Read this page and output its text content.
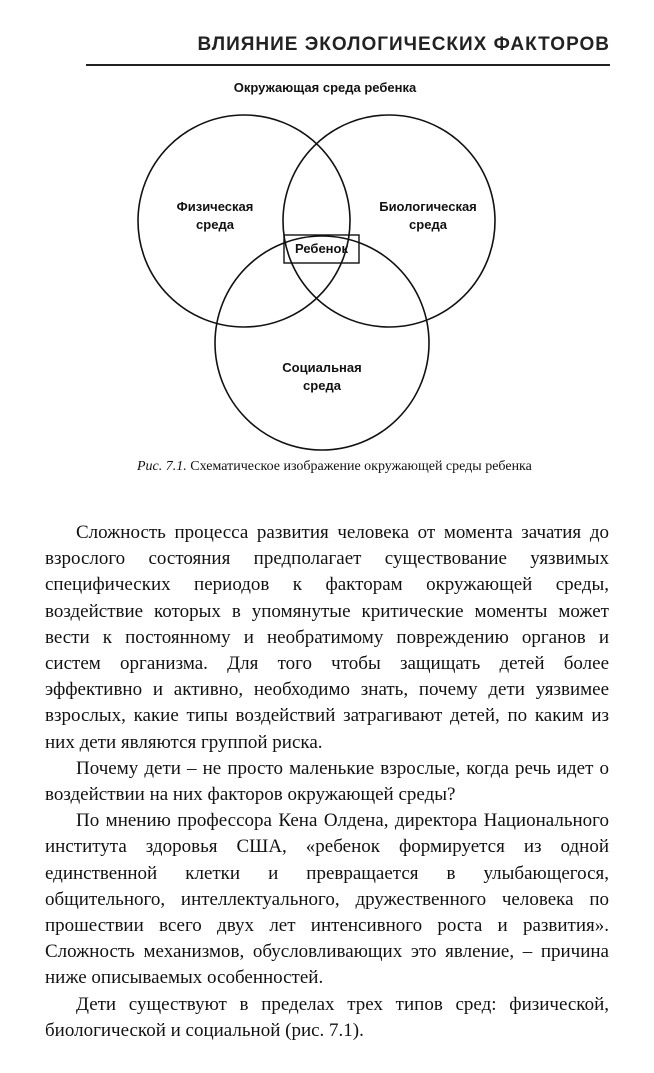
ВЛИЯНИЕ ЭКОЛОГИЧЕСКИХ ФАКТОРОВ
Окружающая среда ребенка
Физическая
среда
Биологическая
среда
Ребенок
Социальная
среда
Рис. 7.1. Схематическое изображение окружающей среды ребенка

Сложность процесса развития человека от момента зачатия до взрослого состояния предполагает существование уязвимых специфических периодов к факторам окружающей среды, воздействие которых в упомянутые критические моменты может вести к постоянному и необратимому повреждению органов и систем организма. Для того чтобы защищать детей более эффективно и активно, необходимо знать, почему дети уязвимее взрослых, какие типы воздействий затрагивают детей, по каким из них дети являются группой риска.

Почему дети – не просто маленькие взрослые, когда речь идет о воздействии на них факторов окружающей среды?

По мнению профессора Кена Олдена, директора Национального института здоровья США, «ребенок формируется из одной единственной клетки и превращается в улыбающегося, общительного, интеллектуального, дружественного человека по прошествии всего двух лет интенсивного роста и развития». Сложность механизмов, обусловливающих это явление, – причина ниже описываемых особенностей.

Дети существуют в пределах трех типов сред: физической, биологической и социальной (рис. 7.1).
